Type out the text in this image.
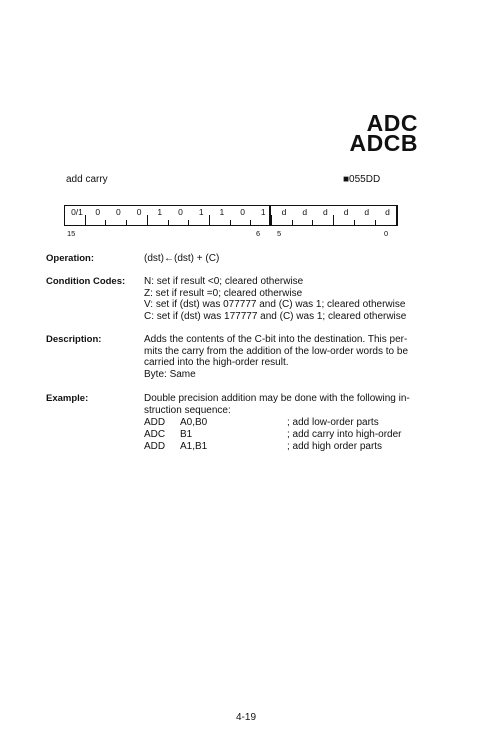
ADC
ADCB
add carry	■055DD
0/1	0	0	0	1	0	1	1	0	1	d	d	d	d	d	d
15	6 5	0
Operation:	(dst)←(dst) + (C)
Condition Codes: N: set if result <0; cleared otherwise
Z: set if result =0; cleared otherwise
V: set if (dst) was 077777 and (C) was 1; cleared otherwise
C: set if (dst) was 177777 and (C) was 1; cleared otherwise
Description:	Adds the contents of the C-bit into the destination. This per-
mits the carry from the addition of the low-order words to be
carried into the high-order result.
Byte: Same
Example:	Double precision addition may be done with the following in-
struction sequence:
ADD A0,B0	; add low-order parts
ADC B1	; add carry into high-order
ADD A1,B1	; add high order parts
4-19
